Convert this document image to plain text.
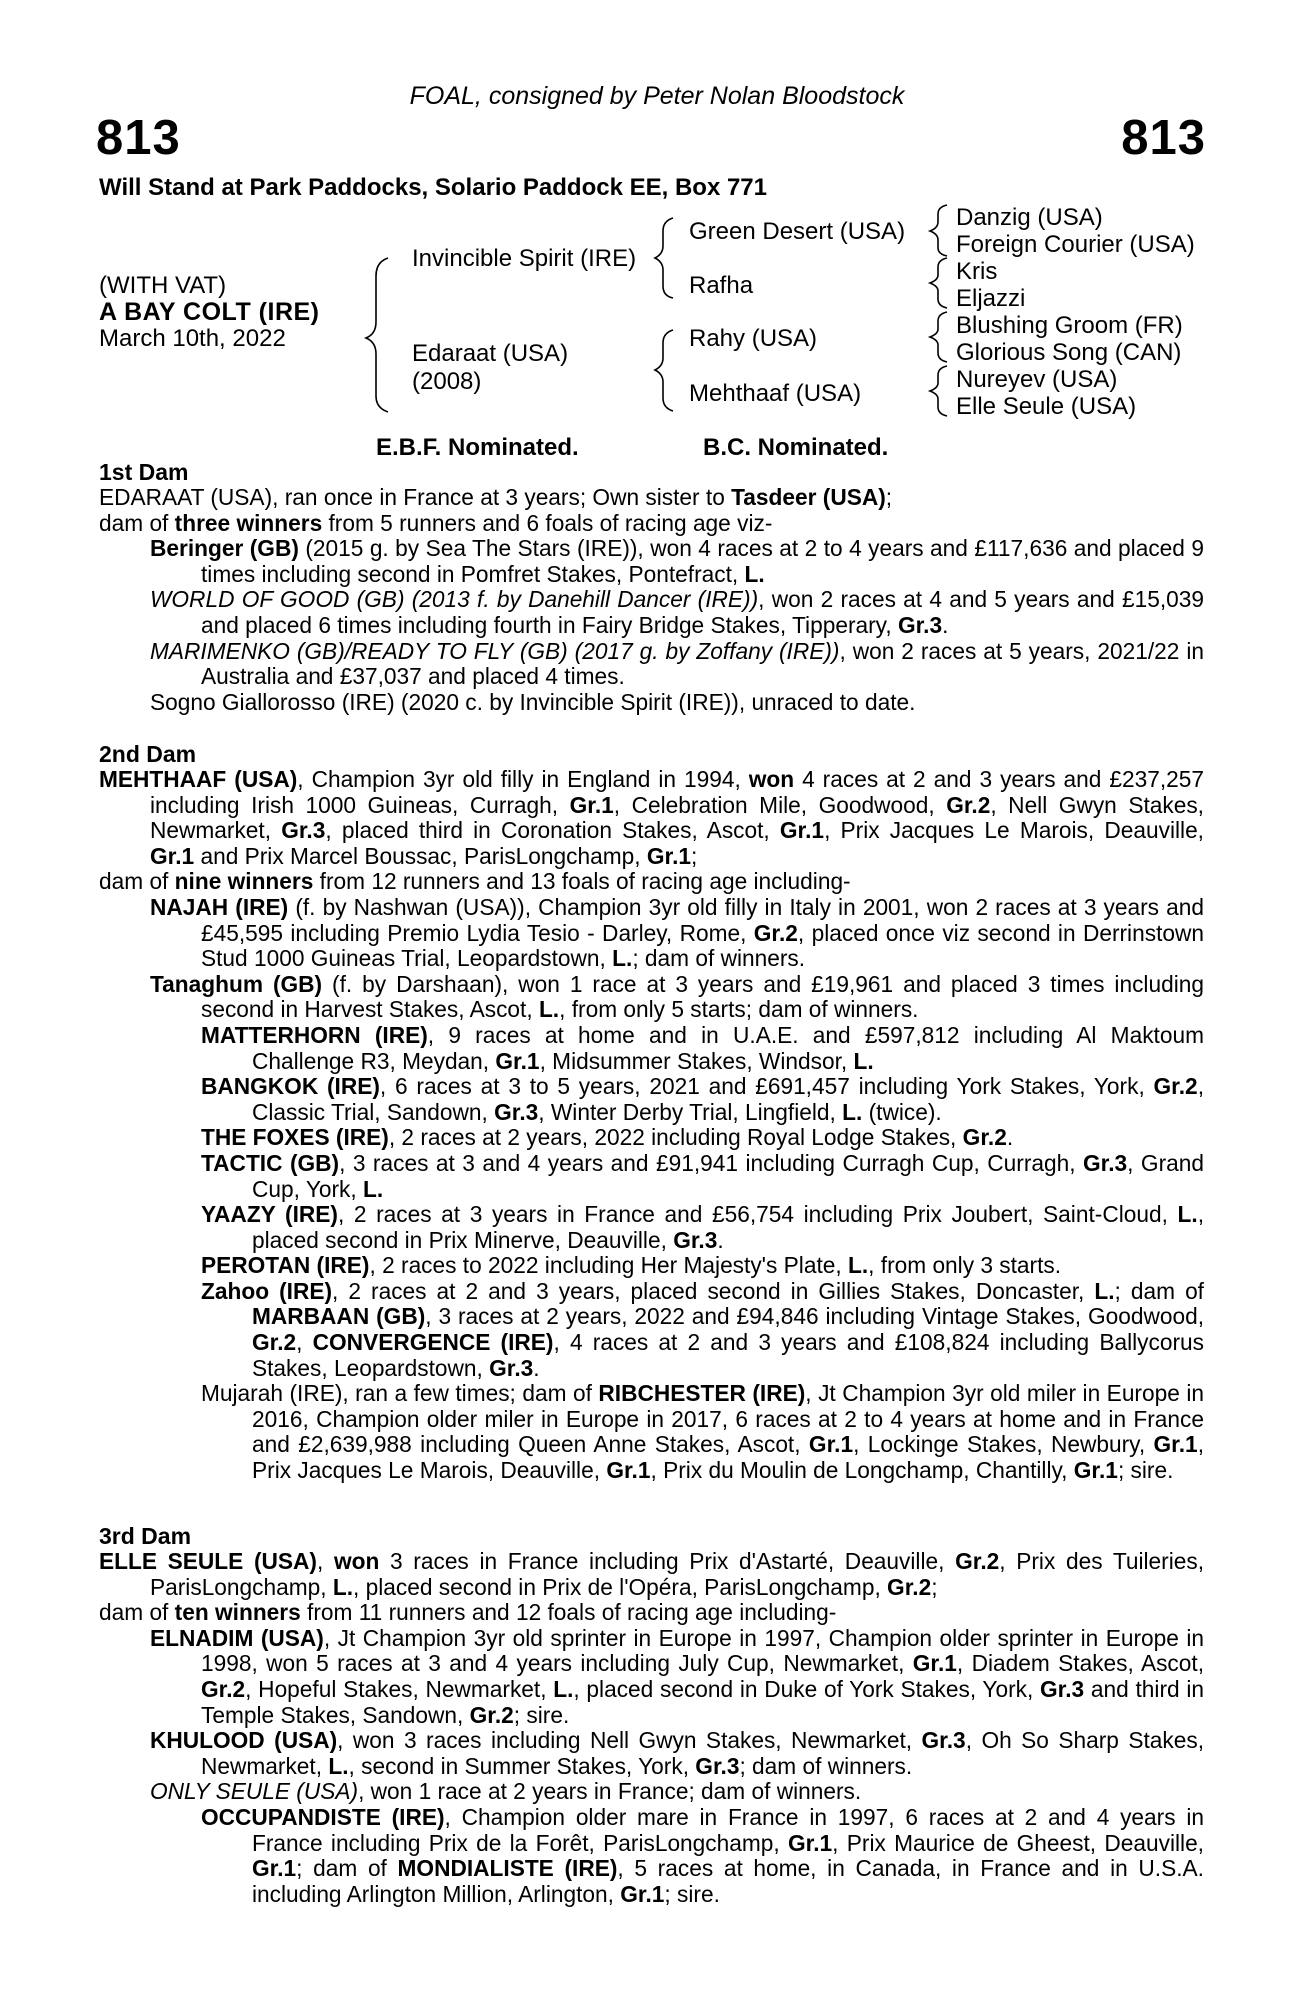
FOAL, consigned by Peter Nolan Bloodstock
813	813
Will Stand at Park Paddocks, Solario Paddock EE, Box 771
(WITH VAT)
A BAY COLT (IRE)
March 10th, 2022
Invincible Spirit (IRE)
Edaraat (USA)
(2008)
Green Desert (USA)
Rafha
Rahy (USA)
Mehthaaf (USA)
Danzig (USA)
Foreign Courier (USA)
Kris
Eljazzi
Blushing Groom (FR)
Glorious Song (CAN)
Nureyev (USA)
Elle Seule (USA)
E.B.F. Nominated.	B.C. Nominated.
1st Dam

EDARAAT (USA), ran once in France at 3 years; Own sister to Tasdeer (USA);

dam of three winners from 5 runners and 6 foals of racing age viz-

Beringer (GB) (2015 g. by Sea The Stars (IRE)), won 4 races at 2 to 4 years and £117,636 and placed 9 times including second in Pomfret Stakes, Pontefract, L.

WORLD OF GOOD (GB) (2013 f. by Danehill Dancer (IRE)), won 2 races at 4 and 5 years and £15,039 and placed 6 times including fourth in Fairy Bridge Stakes, Tipperary, Gr.3.

MARIMENKO (GB)/READY TO FLY (GB) (2017 g. by Zoffany (IRE)), won 2 races at 5 years, 2021/22 in Australia and £37,037 and placed 4 times.

Sogno Giallorosso (IRE) (2020 c. by Invincible Spirit (IRE)), unraced to date.

2nd Dam

MEHTHAAF (USA), Champion 3yr old filly in England in 1994, won 4 races at 2 and 3 years and £237,257 including Irish 1000 Guineas, Curragh, Gr.1, Celebration Mile, Goodwood, Gr.2, Nell Gwyn Stakes, Newmarket, Gr.3, placed third in Coronation Stakes, Ascot, Gr.1, Prix Jacques Le Marois, Deauville, Gr.1 and Prix Marcel Boussac, ParisLongchamp, Gr.1;

dam of nine winners from 12 runners and 13 foals of racing age including-

NAJAH (IRE) (f. by Nashwan (USA)), Champion 3yr old filly in Italy in 2001, won 2 races at 3 years and £45,595 including Premio Lydia Tesio - Darley, Rome, Gr.2, placed once viz second in Derrinstown Stud 1000 Guineas Trial, Leopardstown, L.; dam of winners.

Tanaghum (GB) (f. by Darshaan), won 1 race at 3 years and £19,961 and placed 3 times including second in Harvest Stakes, Ascot, L., from only 5 starts; dam of winners.

MATTERHORN (IRE), 9 races at home and in U.A.E. and £597,812 including Al Maktoum Challenge R3, Meydan, Gr.1, Midsummer Stakes, Windsor, L.

BANGKOK (IRE), 6 races at 3 to 5 years, 2021 and £691,457 including York Stakes, York, Gr.2, Classic Trial, Sandown, Gr.3, Winter Derby Trial, Lingfield, L. (twice).

THE FOXES (IRE), 2 races at 2 years, 2022 including Royal Lodge Stakes, Gr.2.

TACTIC (GB), 3 races at 3 and 4 years and £91,941 including Curragh Cup, Curragh, Gr.3, Grand Cup, York, L.

YAAZY (IRE), 2 races at 3 years in France and £56,754 including Prix Joubert, Saint-Cloud, L., placed second in Prix Minerve, Deauville, Gr.3.

PEROTAN (IRE), 2 races to 2022 including Her Majesty's Plate, L., from only 3 starts.

Zahoo (IRE), 2 races at 2 and 3 years, placed second in Gillies Stakes, Doncaster, L.; dam of MARBAAN (GB), 3 races at 2 years, 2022 and £94,846 including Vintage Stakes, Goodwood, Gr.2, CONVERGENCE (IRE), 4 races at 2 and 3 years and £108,824 including Ballycorus Stakes, Leopardstown, Gr.3.

Mujarah (IRE), ran a few times; dam of RIBCHESTER (IRE), Jt Champion 3yr old miler in Europe in 2016, Champion older miler in Europe in 2017, 6 races at 2 to 4 years at home and in France and £2,639,988 including Queen Anne Stakes, Ascot, Gr.1, Lockinge Stakes, Newbury, Gr.1, Prix Jacques Le Marois, Deauville, Gr.1, Prix du Moulin de Longchamp, Chantilly, Gr.1; sire.

3rd Dam

ELLE SEULE (USA), won 3 races in France including Prix d'Astarté, Deauville, Gr.2, Prix des Tuileries, ParisLongchamp, L., placed second in Prix de l'Opéra, ParisLongchamp, Gr.2;

dam of ten winners from 11 runners and 12 foals of racing age including-

ELNADIM (USA), Jt Champion 3yr old sprinter in Europe in 1997, Champion older sprinter in Europe in 1998, won 5 races at 3 and 4 years including July Cup, Newmarket, Gr.1, Diadem Stakes, Ascot, Gr.2, Hopeful Stakes, Newmarket, L., placed second in Duke of York Stakes, York, Gr.3 and third in Temple Stakes, Sandown, Gr.2; sire.

KHULOOD (USA), won 3 races including Nell Gwyn Stakes, Newmarket, Gr.3, Oh So Sharp Stakes, Newmarket, L., second in Summer Stakes, York, Gr.3; dam of winners.

ONLY SEULE (USA), won 1 race at 2 years in France; dam of winners.

OCCUPANDISTE (IRE), Champion older mare in France in 1997, 6 races at 2 and 4 years in France including Prix de la Forêt, ParisLongchamp, Gr.1, Prix Maurice de Gheest, Deauville, Gr.1; dam of MONDIALISTE (IRE), 5 races at home, in Canada, in France and in U.S.A. including Arlington Million, Arlington, Gr.1; sire.
